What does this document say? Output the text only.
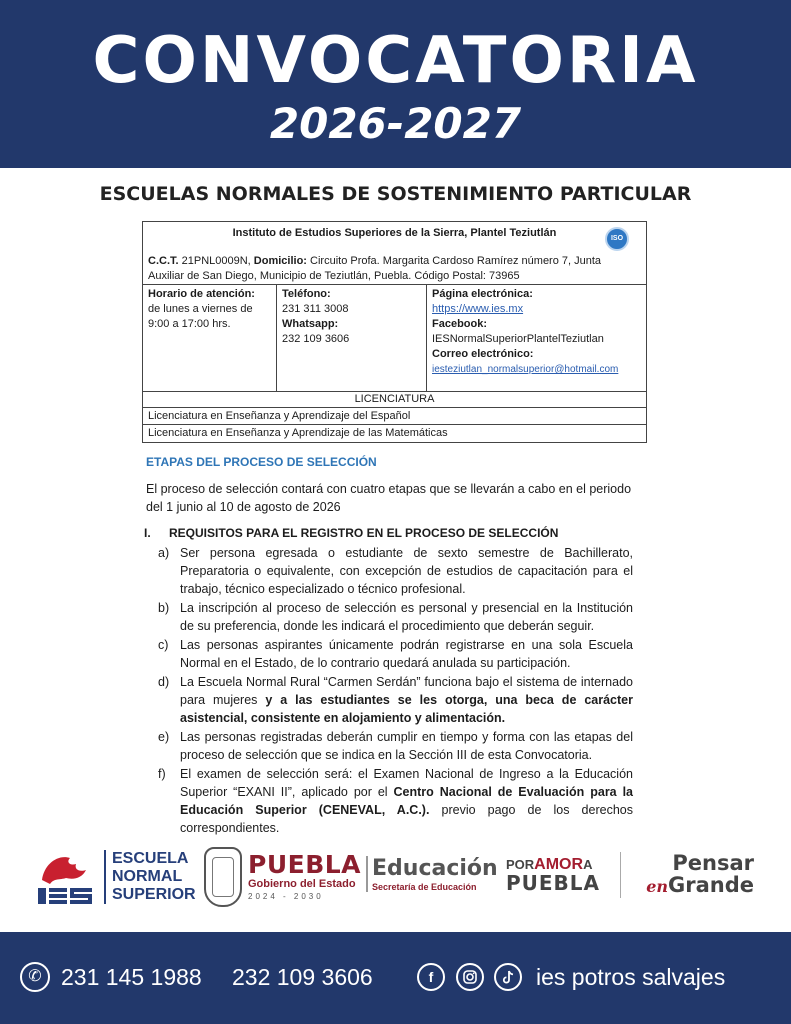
CONVOCATORIA
2026-2027
ESCUELAS NORMALES DE SOSTENIMIENTO PARTICULAR
Instituto de Estudios Superiores de la Sierra, Plantel Teziutlán	ISO
C.C.T. 21PNL0009N, Domicilio: Circuito Profa. Margarita Cardoso Ramírez número 7, Junta Auxiliar de San Diego, Municipio de Teziutlán, Puebla. Código Postal: 73965
Horario de atención:
de lunes a viernes de 9:00 a 17:00 hrs.
Teléfono:
231 311 3008
Whatsapp:
232 109 3606
Página electrónica:
https://www.ies.mx
Facebook:
IESNormalSuperiorPlantelTeziutlan
Correo electrónico:
iesteziutlan_normalsuperior@hotmail.com
LICENCIATURA
Licenciatura en Enseñanza y Aprendizaje del Español
Licenciatura en Enseñanza y Aprendizaje de las Matemáticas
ETAPAS DEL PROCESO DE SELECCIÓN
El proceso de selección contará con cuatro etapas que se llevarán a cabo en el periodo del 1 junio al 10 de agosto de 2026
I. REQUISITOS PARA EL REGISTRO EN EL PROCESO DE SELECCIÓN
a) Ser persona egresada o estudiante de sexto semestre de Bachillerato, Preparatoria o equivalente, con excepción de estudios de capacitación para el trabajo, técnico especializado o técnico profesional.
b) La inscripción al proceso de selección es personal y presencial en la Institución de su preferencia, donde les indicará el procedimiento que deberán seguir.
c) Las personas aspirantes únicamente podrán registrarse en una sola Escuela Normal en el Estado, de lo contrario quedará anulada su participación.
d) La Escuela Normal Rural “Carmen Serdán” funciona bajo el sistema de internado para mujeres y a las estudiantes se les otorga, una beca de carácter asistencial, consistente en alojamiento y alimentación.
e) Las personas registradas deberán cumplir en tiempo y forma con las etapas del proceso de selección que se indica en la Sección III de esta Convocatoria.
f)	El examen de selección será: el Examen Nacional de Ingreso a la Educación Superior “EXANI II”, aplicado por el Centro Nacional de Evaluación para la Educación Superior (CENEVAL, A.C.). previo pago de los derechos correspondientes.
ESCUELA
NORMAL
SUPERIOR
PUEBLA
Gobierno del Estado
2024 - 2030
Educación
Secretaría de Educación
PORAMORA
PUEBLA
Pensar
enGrande
✆ 231 145 1988 232 109 3606	f	ies potros salvajes
